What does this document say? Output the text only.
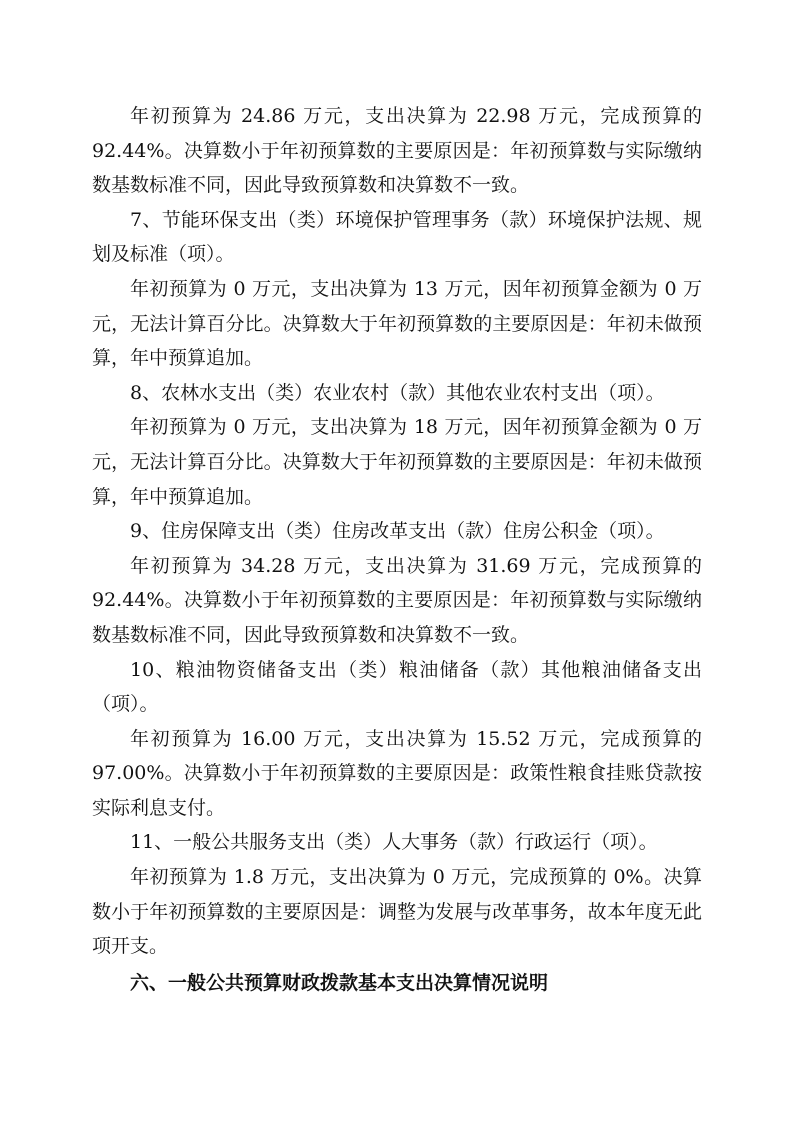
年初预算为 24.86 万元，支出决算为 22.98 万元，完成预算的 92.44%。决算数小于年初预算数的主要原因是：年初预算数与实际缴纳数基数标准不同，因此导致预算数和决算数不一致。

7、节能环保支出（类）环境保护管理事务（款）环境保护法规、规划及标准（项）。

年初预算为 0 万元，支出决算为 13 万元，因年初预算金额为 0 万元，无法计算百分比。决算数大于年初预算数的主要原因是：年初未做预算，年中预算追加。

8、农林水支出（类）农业农村（款）其他农业农村支出（项）。

年初预算为 0 万元，支出决算为 18 万元，因年初预算金额为 0 万元，无法计算百分比。决算数大于年初预算数的主要原因是：年初未做预算，年中预算追加。

9、住房保障支出（类）住房改革支出（款）住房公积金（项）。

年初预算为 34.28 万元，支出决算为 31.69 万元，完成预算的 92.44%。决算数小于年初预算数的主要原因是：年初预算数与实际缴纳数基数标准不同，因此导致预算数和决算数不一致。

10、粮油物资储备支出（类）粮油储备（款）其他粮油储备支出（项）。

年初预算为 16.00 万元，支出决算为 15.52 万元，完成预算的 97.00%。决算数小于年初预算数的主要原因是：政策性粮食挂账贷款按实际利息支付。

11、一般公共服务支出（类）人大事务（款）行政运行（项）。

年初预算为 1.8 万元，支出决算为 0 万元，完成预算的 0%。决算数小于年初预算数的主要原因是：调整为发展与改革事务，故本年度无此项开支。

六、一般公共预算财政拨款基本支出决算情况说明
